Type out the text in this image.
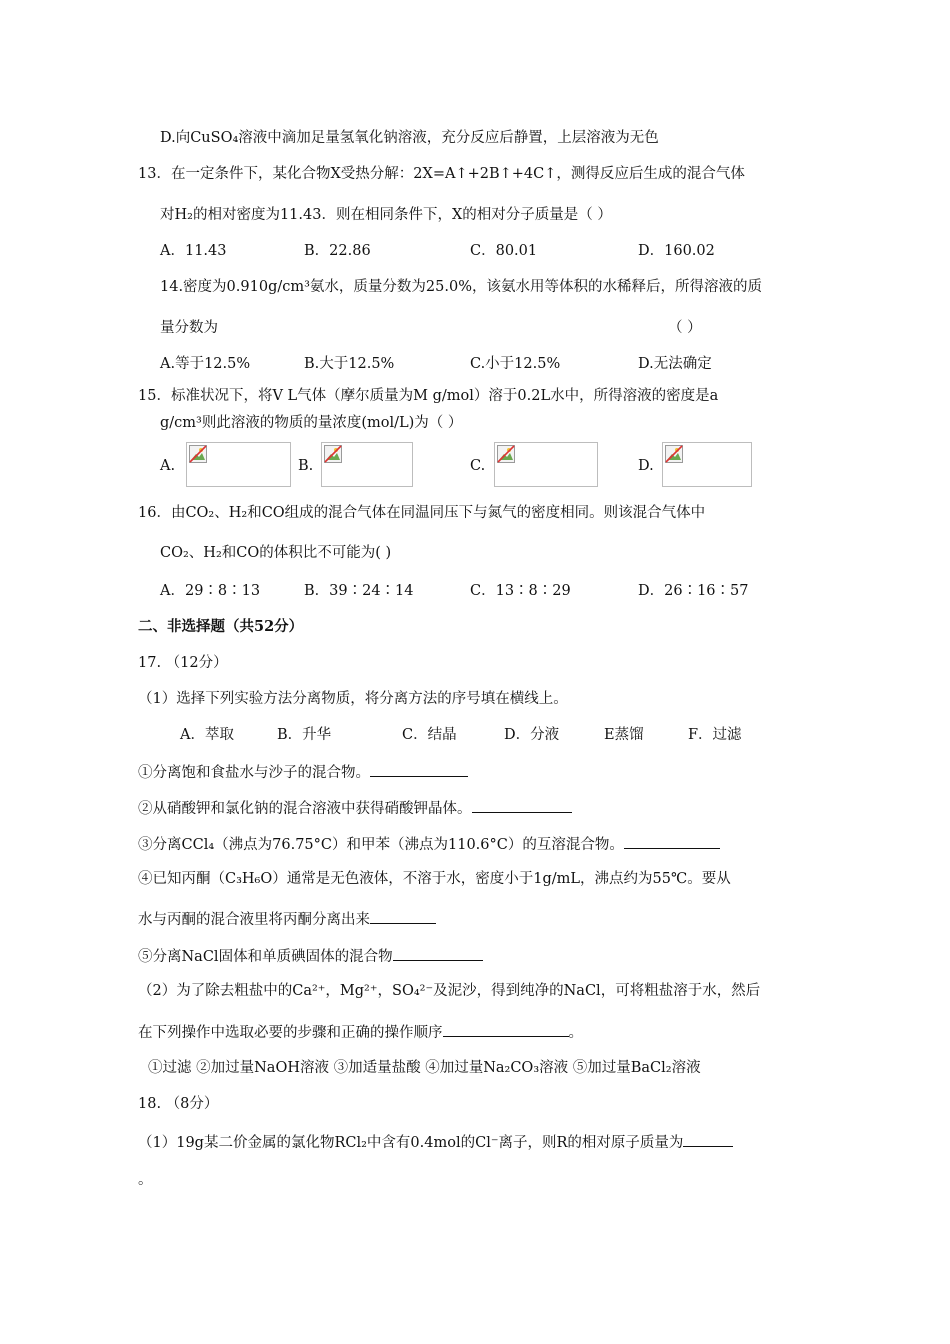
D.向CuSO₄溶液中滴加足量氢氧化钠溶液，充分反应后静置，上层溶液为无色
13．在一定条件下，某化合物X受热分解：2X=A↑+2B↑+4C↑，测得反应后生成的混合气体
对H₂的相对密度为11.43．则在相同条件下，X的相对分子质量是（ ）
A．11.43	B．22.86	C．80.01	D．160.02
14.密度为0.910g/cm³氨水，质量分数为25.0%，该氨水用等体积的水稀释后，所得溶液的质
量分数为	（ ）
A.等于12.5%	B.大于12.5%	C.小于12.5%	D.无法确定
15．标准状况下，将V L气体（摩尔质量为M g/mol）溶于0.2L水中，所得溶液的密度是a
g/cm³则此溶液的物质的量浓度(mol/L)为（ ）
A.	B.	C.	D.
16．由CO₂、H₂和CO组成的混合气体在同温同压下与氮气的密度相同。则该混合气体中
CO₂、H₂和CO的体积比不可能为( )
A．29∶8∶13	B．39∶24∶14	C．13∶8∶29	D．26∶16∶57
二、非选择题（共52分）
17. （12分）
（1）选择下列实验方法分离物质，将分离方法的序号填在横线上。
A．萃取	B．升华	C．结晶	D．分液	E蒸馏	F．过滤
①分离饱和食盐水与沙子的混合物。
②从硝酸钾和氯化钠的混合溶液中获得硝酸钾晶体。
③分离CCl₄（沸点为76.75°C）和甲苯（沸点为110.6°C）的互溶混合物。
④已知丙酮（C₃H₆O）通常是无色液体，不溶于水，密度小于1g/mL，沸点约为55℃。要从
水与丙酮的混合液里将丙酮分离出来
⑤分离NaCl固体和单质碘固体的混合物
（2）为了除去粗盐中的Ca²⁺，Mg²⁺，SO₄²⁻及泥沙，得到纯净的NaCl，可将粗盐溶于水，然后
在下列操作中选取必要的步骤和正确的操作顺序	。
①过滤 ②加过量NaOH溶液 ③加适量盐酸 ④加过量Na₂CO₃溶液 ⑤加过量BaCl₂溶液
18. （8分）
（1）19g某二价金属的氯化物RCl₂中含有0.4mol的Cl⁻离子，则R的相对原子质量为
。
